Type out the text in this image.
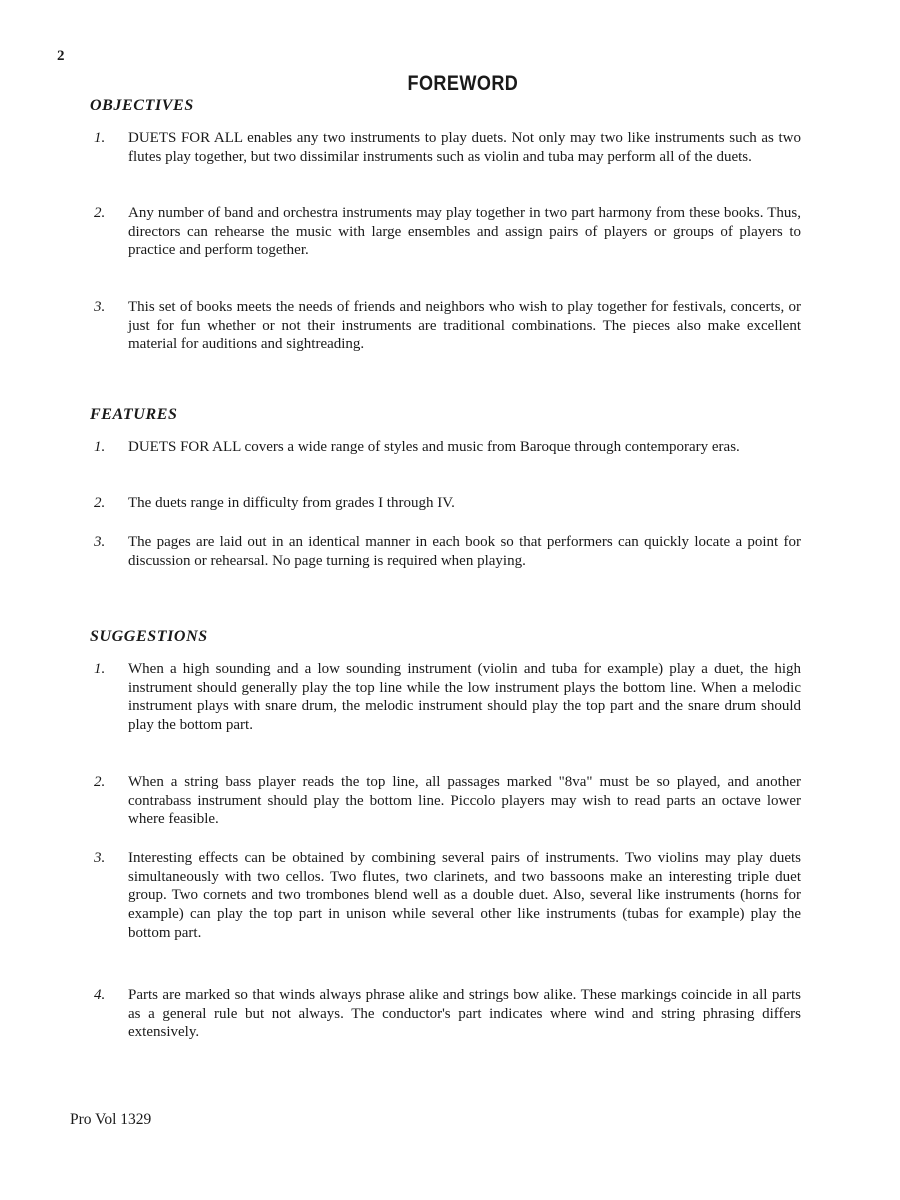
2
FOREWORD
OBJECTIVES
1. DUETS FOR ALL enables any two instruments to play duets. Not only may two like instruments such as two flutes play together, but two dissimilar instruments such as violin and tuba may perform all of the duets.

2. Any number of band and orchestra instruments may play together in two part harmony from these books. Thus, directors can rehearse the music with large ensembles and assign pairs of players or groups of players to practice and perform together.

3. This set of books meets the needs of friends and neighbors who wish to play together for festivals, concerts, or just for fun whether or not their instruments are traditional combinations. The pieces also make excellent material for auditions and sightreading.

FEATURES
1. DUETS FOR ALL covers a wide range of styles and music from Baroque through contemporary eras.

2. The duets range in difficulty from grades I through IV.

3. The pages are laid out in an identical manner in each book so that performers can quickly locate a point for discussion or rehearsal. No page turning is required when playing.

SUGGESTIONS
1. When a high sounding and a low sounding instrument (violin and tuba for example) play a duet, the high instrument should generally play the top line while the low instrument plays the bottom line. When a melodic instrument plays with snare drum, the melodic instrument should play the top part and the snare drum should play the bottom part.

2. When a string bass player reads the top line, all passages marked "8va" must be so played, and another contrabass instrument should play the bottom line. Piccolo players may wish to read parts an octave lower where feasible.

3. Interesting effects can be obtained by combining several pairs of instruments. Two violins may play duets simultaneously with two cellos. Two flutes, two clarinets, and two bassoons make an interesting triple duet group. Two cornets and two trombones blend well as a double duet. Also, several like instruments (horns for example) can play the top part in unison while several other like instruments (tubas for example) play the bottom part.

4. Parts are marked so that winds always phrase alike and strings bow alike. These markings coincide in all parts as a general rule but not always. The conductor's part indicates where wind and string phrasing differs extensively.

Pro Vol 1329
